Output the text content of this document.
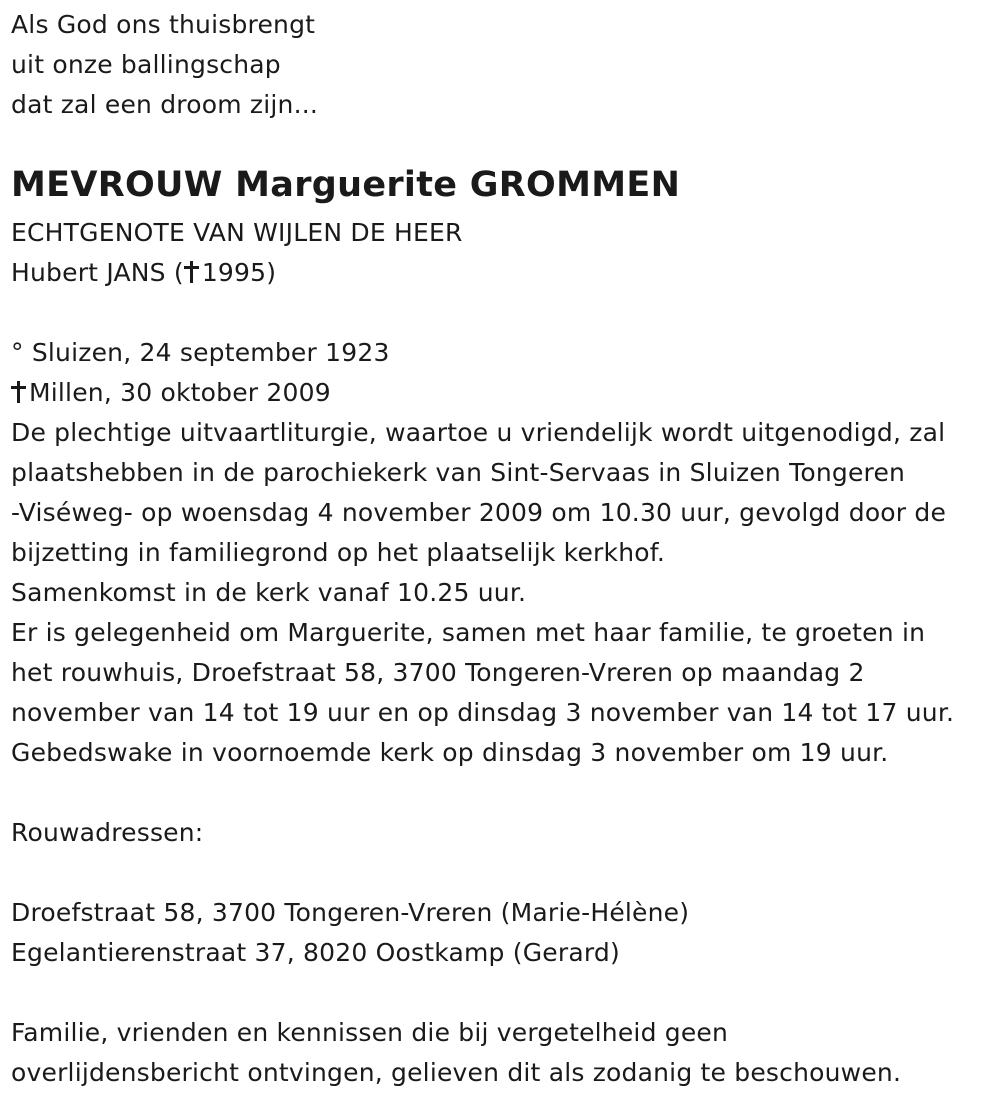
Als God ons thuisbrengt
uit onze ballingschap
dat zal een droom zijn...
MEVROUW Marguerite GROMMEN
ECHTGENOTE VAN WIJLEN DE HEER
Hubert JANS ( 1995)
° Sluizen, 24 september 1923
Millen, 30 oktober 2009
De plechtige uitvaartliturgie, waartoe u vriendelijk wordt uitgenodigd, zal
plaatshebben in de parochiekerk van Sint-Servaas in Sluizen Tongeren
-Viséweg- op woensdag 4 november 2009 om 10.30 uur, gevolgd door de
bijzetting in familiegrond op het plaatselijk kerkhof.
Samenkomst in de kerk vanaf 10.25 uur.
Er is gelegenheid om Marguerite, samen met haar familie, te groeten in
het rouwhuis, Droefstraat 58, 3700 Tongeren-Vreren op maandag 2
november van 14 tot 19 uur en op dinsdag 3 november van 14 tot 17 uur.
Gebedswake in voornoemde kerk op dinsdag 3 november om 19 uur.
Rouwadressen:
Droefstraat 58, 3700 Tongeren-Vreren (Marie-Hélène)
Egelantierenstraat 37, 8020 Oostkamp (Gerard)
Familie, vrienden en kennissen die bij vergetelheid geen
overlijdensbericht ontvingen, gelieven dit als zodanig te beschouwen.
